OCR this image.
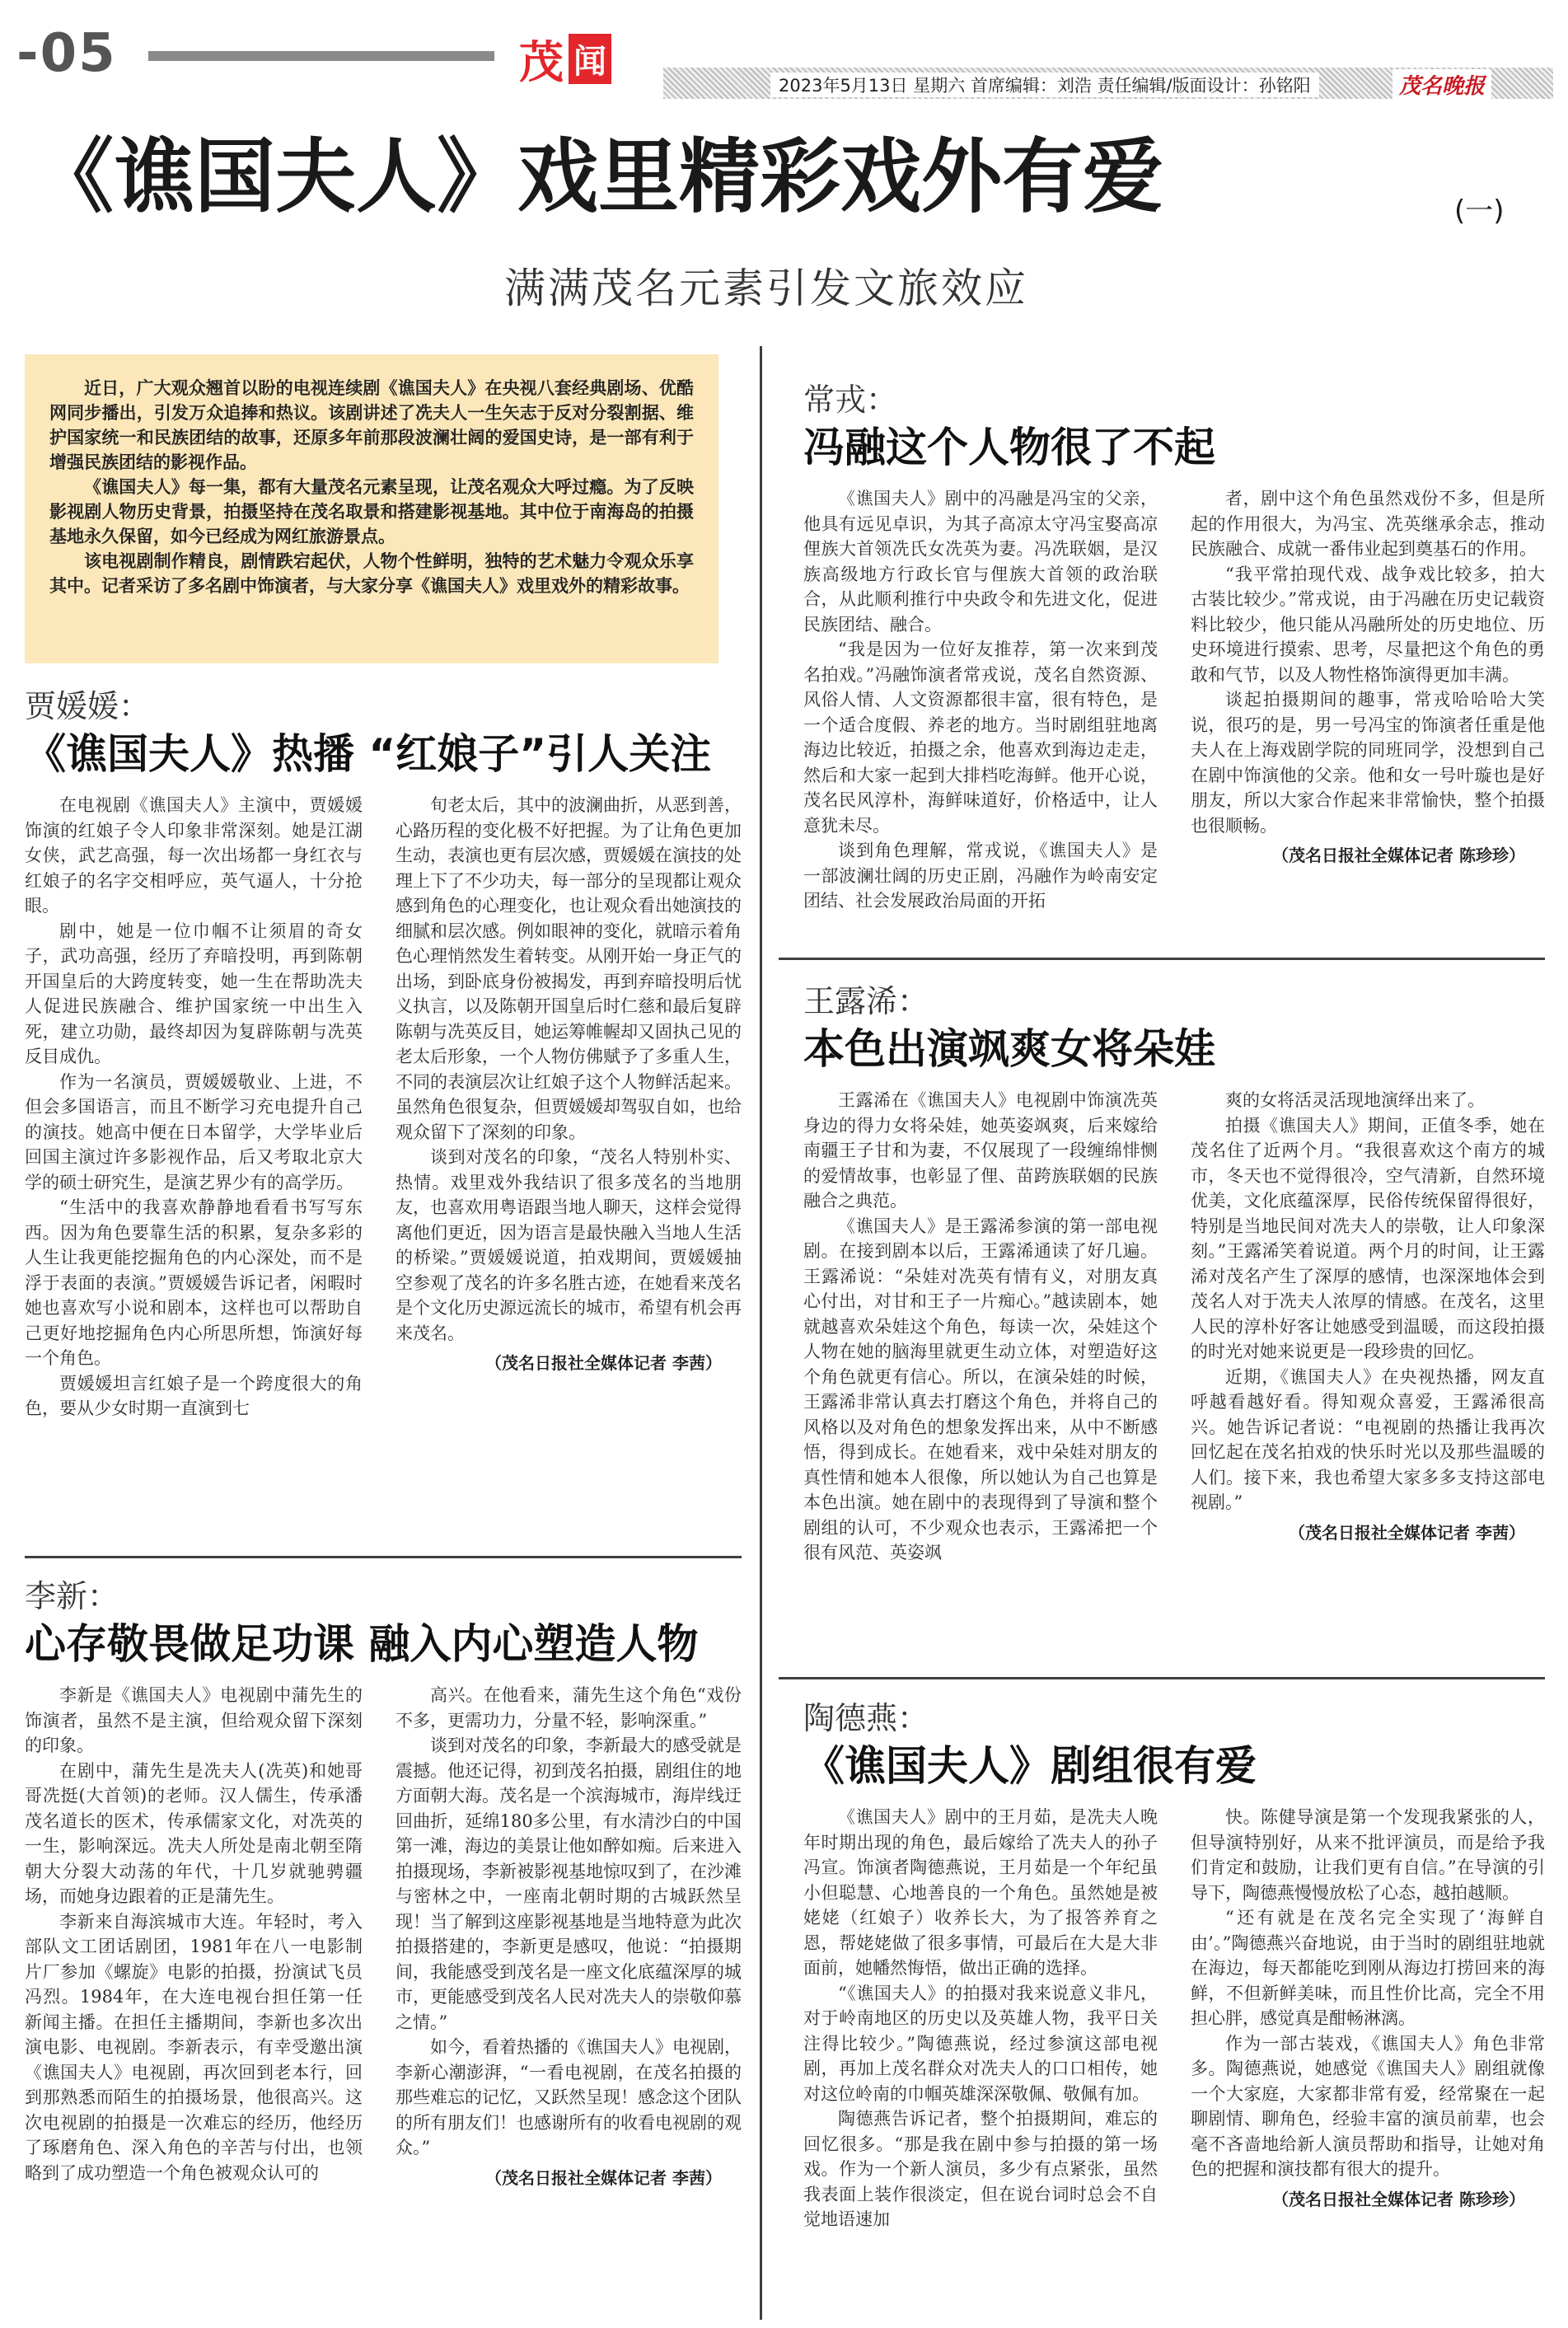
-05	茂 闻
2023年5月13日 星期六 首席编辑：刘浩 责任编辑/版面设计：孙铭阳	茂名晚报
《谯国夫人》戏里精彩戏外有爱	(一)
满满茂名元素引发文旅效应

近日，广大观众翘首以盼的电视连续剧《谯国夫人》在央视八套经典剧场、优酷网同步播出，引发万众追捧和热议。该剧讲述了冼夫人一生矢志于反对分裂割据、维护国家统一和民族团结的故事，还原多年前那段波澜壮阔的爱国史诗，是一部有利于增强民族团结的影视作品。

《谯国夫人》每一集，都有大量茂名元素呈现，让茂名观众大呼过瘾。为了反映影视剧人物历史背景，拍摄坚持在茂名取景和搭建影视基地。其中位于南海岛的拍摄基地永久保留，如今已经成为网红旅游景点。

该电视剧制作精良，剧情跌宕起伏，人物个性鲜明，独特的艺术魅力令观众乐享其中。记者采访了多名剧中饰演者，与大家分享《谯国夫人》戏里戏外的精彩故事。

贾媛媛：
《谯国夫人》热播 “红娘子”引人关注

在电视剧《谯国夫人》主演中，贾媛媛饰演的红娘子令人印象非常深刻。她是江湖女侠，武艺高强，每一次出场都一身红衣与红娘子的名字交相呼应，英气逼人，十分抢眼。

剧中，她是一位巾帼不让须眉的奇女子，武功高强，经历了弃暗投明，再到陈朝开国皇后的大跨度转变，她一生在帮助冼夫人促进民族融合、维护国家统一中出生入死，建立功勋，最终却因为复辟陈朝与冼英反目成仇。

作为一名演员，贾媛媛敬业、上进，不但会多国语言，而且不断学习充电提升自己的演技。她高中便在日本留学，大学毕业后回国主演过许多影视作品，后又考取北京大学的硕士研究生，是演艺界少有的高学历。

“生活中的我喜欢静静地看看书写写东西。因为角色要靠生活的积累，复杂多彩的人生让我更能挖掘角色的内心深处，而不是浮于表面的表演。”贾媛媛告诉记者，闲暇时她也喜欢写小说和剧本，这样也可以帮助自己更好地挖掘角色内心所思所想，饰演好每一个角色。

贾媛媛坦言红娘子是一个跨度很大的角色，要从少女时期一直演到七

旬老太后，其中的波澜曲折，从恶到善，心路历程的变化极不好把握。为了让角色更加生动，表演也更有层次感，贾媛媛在演技的处理上下了不少功夫，每一部分的呈现都让观众感到角色的心理变化，也让观众看出她演技的细腻和层次感。例如眼神的变化，就暗示着角色心理悄然发生着转变。从刚开始一身正气的出场，到卧底身份被揭发，再到弃暗投明后忧义执言，以及陈朝开国皇后时仁慈和最后复辟陈朝与冼英反目，她运筹帷幄却又固执己见的老太后形象，一个人物仿佛赋予了多重人生，不同的表演层次让红娘子这个人物鲜活起来。虽然角色很复杂，但贾媛媛却驾驭自如，也给观众留下了深刻的印象。

谈到对茂名的印象，“茂名人特别朴实、热情。戏里戏外我结识了很多茂名的当地朋友，也喜欢用粤语跟当地人聊天，这样会觉得离他们更近，因为语言是最快融入当地人生活的桥梁。”贾媛媛说道，拍戏期间，贾媛媛抽空参观了茂名的许多名胜古迹，在她看来茂名是个文化历史源远流长的城市，希望有机会再来茂名。

（茂名日报社全媒体记者 李茜）

李新：
心存敬畏做足功课 融入内心塑造人物

李新是《谯国夫人》电视剧中蒲先生的饰演者，虽然不是主演，但给观众留下深刻的印象。

在剧中，蒲先生是冼夫人(冼英)和她哥哥冼挺(大首领)的老师。汉人儒生，传承潘茂名道长的医术，传承儒家文化，对冼英的一生，影响深远。冼夫人所处是南北朝至隋朝大分裂大动荡的年代，十几岁就驰骋疆场，而她身边跟着的正是蒲先生。

李新来自海滨城市大连。年轻时，考入部队文工团话剧团，1981年在八一电影制片厂参加《螺旋》电影的拍摄，扮演试飞员冯烈。1984年，在大连电视台担任第一任新闻主播。在担任主播期间，李新也多次出演电影、电视剧。李新表示，有幸受邀出演《谯国夫人》电视剧，再次回到老本行，回到那熟悉而陌生的拍摄场景，他很高兴。这次电视剧的拍摄是一次难忘的经历，他经历了琢磨角色、深入角色的辛苦与付出，也领略到了成功塑造一个角色被观众认可的

高兴。在他看来，蒲先生这个角色“戏份不多，更需功力，分量不轻，影响深重。”

谈到对茂名的印象，李新最大的感受就是震撼。他还记得，初到茂名拍摄，剧组住的地方面朝大海。茂名是一个滨海城市，海岸线迂回曲折，延绵180多公里，有水清沙白的中国第一滩，海边的美景让他如醉如痴。后来进入拍摄现场，李新被影视基地惊叹到了，在沙滩与密林之中，一座南北朝时期的古城跃然呈现！当了解到这座影视基地是当地特意为此次拍摄搭建的，李新更是感叹，他说：“拍摄期间，我能感受到茂名是一座文化底蕴深厚的城市，更能感受到茂名人民对冼夫人的崇敬仰慕之情。”

如今，看着热播的《谯国夫人》电视剧，李新心潮澎湃，“一看电视剧，在茂名拍摄的那些难忘的记忆，又跃然呈现！感念这个团队的所有朋友们！也感谢所有的收看电视剧的观众。”

（茂名日报社全媒体记者 李茜）

常戎：
冯融这个人物很了不起

《谯国夫人》剧中的冯融是冯宝的父亲，他具有远见卓识，为其子高凉太守冯宝娶高凉俚族大首领冼氏女冼英为妻。冯冼联姻，是汉族高级地方行政长官与俚族大首领的政治联合，从此顺利推行中央政令和先进文化，促进民族团结、融合。

“我是因为一位好友推荐，第一次来到茂名拍戏。”冯融饰演者常戎说，茂名自然资源、风俗人情、人文资源都很丰富，很有特色，是一个适合度假、养老的地方。当时剧组驻地离海边比较近，拍摄之余，他喜欢到海边走走，然后和大家一起到大排档吃海鲜。他开心说，茂名民风淳朴，海鲜味道好，价格适中，让人意犹未尽。

谈到角色理解，常戎说，《谯国夫人》是一部波澜壮阔的历史正剧，冯融作为岭南安定团结、社会发展政治局面的开拓

者，剧中这个角色虽然戏份不多，但是所起的作用很大，为冯宝、冼英继承余志，推动民族融合、成就一番伟业起到奠基石的作用。

“我平常拍现代戏、战争戏比较多，拍大古装比较少。”常戎说，由于冯融在历史记载资料比较少，他只能从冯融所处的历史地位、历史环境进行摸索、思考，尽量把这个角色的勇敢和气节，以及人物性格饰演得更加丰满。

谈起拍摄期间的趣事，常戎哈哈哈大笑说，很巧的是，男一号冯宝的饰演者任重是他夫人在上海戏剧学院的同班同学，没想到自己在剧中饰演他的父亲。他和女一号叶璇也是好朋友，所以大家合作起来非常愉快，整个拍摄也很顺畅。

（茂名日报社全媒体记者 陈珍珍）

王露浠：
本色出演飒爽女将朵娃

王露浠在《谯国夫人》电视剧中饰演冼英身边的得力女将朵娃，她英姿飒爽，后来嫁给南疆王子甘和为妻，不仅展现了一段缠绵悱恻的爱情故事，也彰显了俚、苗跨族联姻的民族融合之典范。

《谯国夫人》是王露浠参演的第一部电视剧。在接到剧本以后，王露浠通读了好几遍。王露浠说：“朵娃对冼英有情有义，对朋友真心付出，对甘和王子一片痴心。”越读剧本，她就越喜欢朵娃这个角色，每读一次，朵娃这个人物在她的脑海里就更生动立体，对塑造好这个角色就更有信心。所以，在演朵娃的时候，王露浠非常认真去打磨这个角色，并将自己的风格以及对角色的想象发挥出来，从中不断感悟，得到成长。在她看来，戏中朵娃对朋友的真性情和她本人很像，所以她认为自己也算是本色出演。她在剧中的表现得到了导演和整个剧组的认可，不少观众也表示，王露浠把一个很有风范、英姿飒

爽的女将活灵活现地演绎出来了。

拍摄《谯国夫人》期间，正值冬季，她在茂名住了近两个月。“我很喜欢这个南方的城市，冬天也不觉得很冷，空气清新，自然环境优美，文化底蕴深厚，民俗传统保留得很好，特别是当地民间对冼夫人的崇敬，让人印象深刻。”王露浠笑着说道。两个月的时间，让王露浠对茂名产生了深厚的感情，也深深地体会到茂名人对于冼夫人浓厚的情感。在茂名，这里人民的淳朴好客让她感受到温暖，而这段拍摄的时光对她来说更是一段珍贵的回忆。

近期，《谯国夫人》在央视热播，网友直呼越看越好看。得知观众喜爱，王露浠很高兴。她告诉记者说：“电视剧的热播让我再次回忆起在茂名拍戏的快乐时光以及那些温暖的人们。接下来，我也希望大家多多支持这部电视剧。”

（茂名日报社全媒体记者 李茜）

陶德燕：
《谯国夫人》剧组很有爱

《谯国夫人》剧中的王月茹，是冼夫人晚年时期出现的角色，最后嫁给了冼夫人的孙子冯宣。饰演者陶德燕说，王月茹是一个年纪虽小但聪慧、心地善良的一个角色。虽然她是被姥姥（红娘子）收养长大，为了报答养育之恩，帮姥姥做了很多事情，可最后在大是大非面前，她幡然悔悟，做出正确的选择。

“《谯国夫人》的拍摄对我来说意义非凡，对于岭南地区的历史以及英雄人物，我平日关注得比较少。”陶德燕说，经过参演这部电视剧，再加上茂名群众对冼夫人的口口相传，她对这位岭南的巾帼英雄深深敬佩、敬佩有加。

陶德燕告诉记者，整个拍摄期间，难忘的回忆很多。“那是我在剧中参与拍摄的第一场戏。作为一个新人演员，多少有点紧张，虽然我表面上装作很淡定，但在说台词时总会不自觉地语速加

快。陈健导演是第一个发现我紧张的人，但导演特别好，从来不批评演员，而是给予我们肯定和鼓励，让我们更有自信。”在导演的引导下，陶德燕慢慢放松了心态，越拍越顺。

“还有就是在茂名完全实现了‘海鲜自由’。”陶德燕兴奋地说，由于当时的剧组驻地就在海边，每天都能吃到刚从海边打捞回来的海鲜，不但新鲜美味，而且性价比高，完全不用担心胖，感觉真是酣畅淋漓。

作为一部古装戏，《谯国夫人》角色非常多。陶德燕说，她感觉《谯国夫人》剧组就像一个大家庭，大家都非常有爱，经常聚在一起聊剧情、聊角色，经验丰富的演员前辈，也会毫不吝啬地给新人演员帮助和指导，让她对角色的把握和演技都有很大的提升。

（茂名日报社全媒体记者 陈珍珍）
